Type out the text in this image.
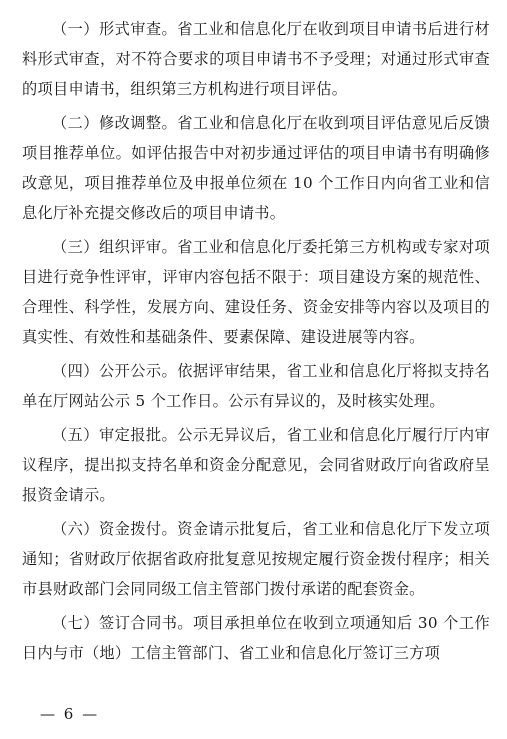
（一）形式审查。省工业和信息化厅在收到项目申请书后进行材料形式审查，对不符合要求的项目申请书不予受理；对通过形式审查的项目申请书，组织第三方机构进行项目评估。

（二）修改调整。省工业和信息化厅在收到项目评估意见后反馈项目推荐单位。如评估报告中对初步通过评估的项目申请书有明确修改意见，项目推荐单位及申报单位须在 10 个工作日内向省工业和信息化厅补充提交修改后的项目申请书。

（三）组织评审。省工业和信息化厅委托第三方机构或专家对项目进行竞争性评审，评审内容包括不限于：项目建设方案的规范性、合理性、科学性，发展方向、建设任务、资金安排等内容以及项目的真实性、有效性和基础条件、要素保障、建设进展等内容。

（四）公开公示。依据评审结果，省工业和信息化厅将拟支持名单在厅网站公示 5 个工作日。公示有异议的，及时核实处理。

（五）审定报批。公示无异议后，省工业和信息化厅履行厅内审议程序，提出拟支持名单和资金分配意见，会同省财政厅向省政府呈报资金请示。

（六）资金拨付。资金请示批复后，省工业和信息化厅下发立项通知；省财政厅依据省政府批复意见按规定履行资金拨付程序；相关市县财政部门会同同级工信主管部门拨付承诺的配套资金。

（七）签订合同书。项目承担单位在收到立项通知后 30 个工作日内与市（地）工信主管部门、省工业和信息化厅签订三方项

— 6 —
